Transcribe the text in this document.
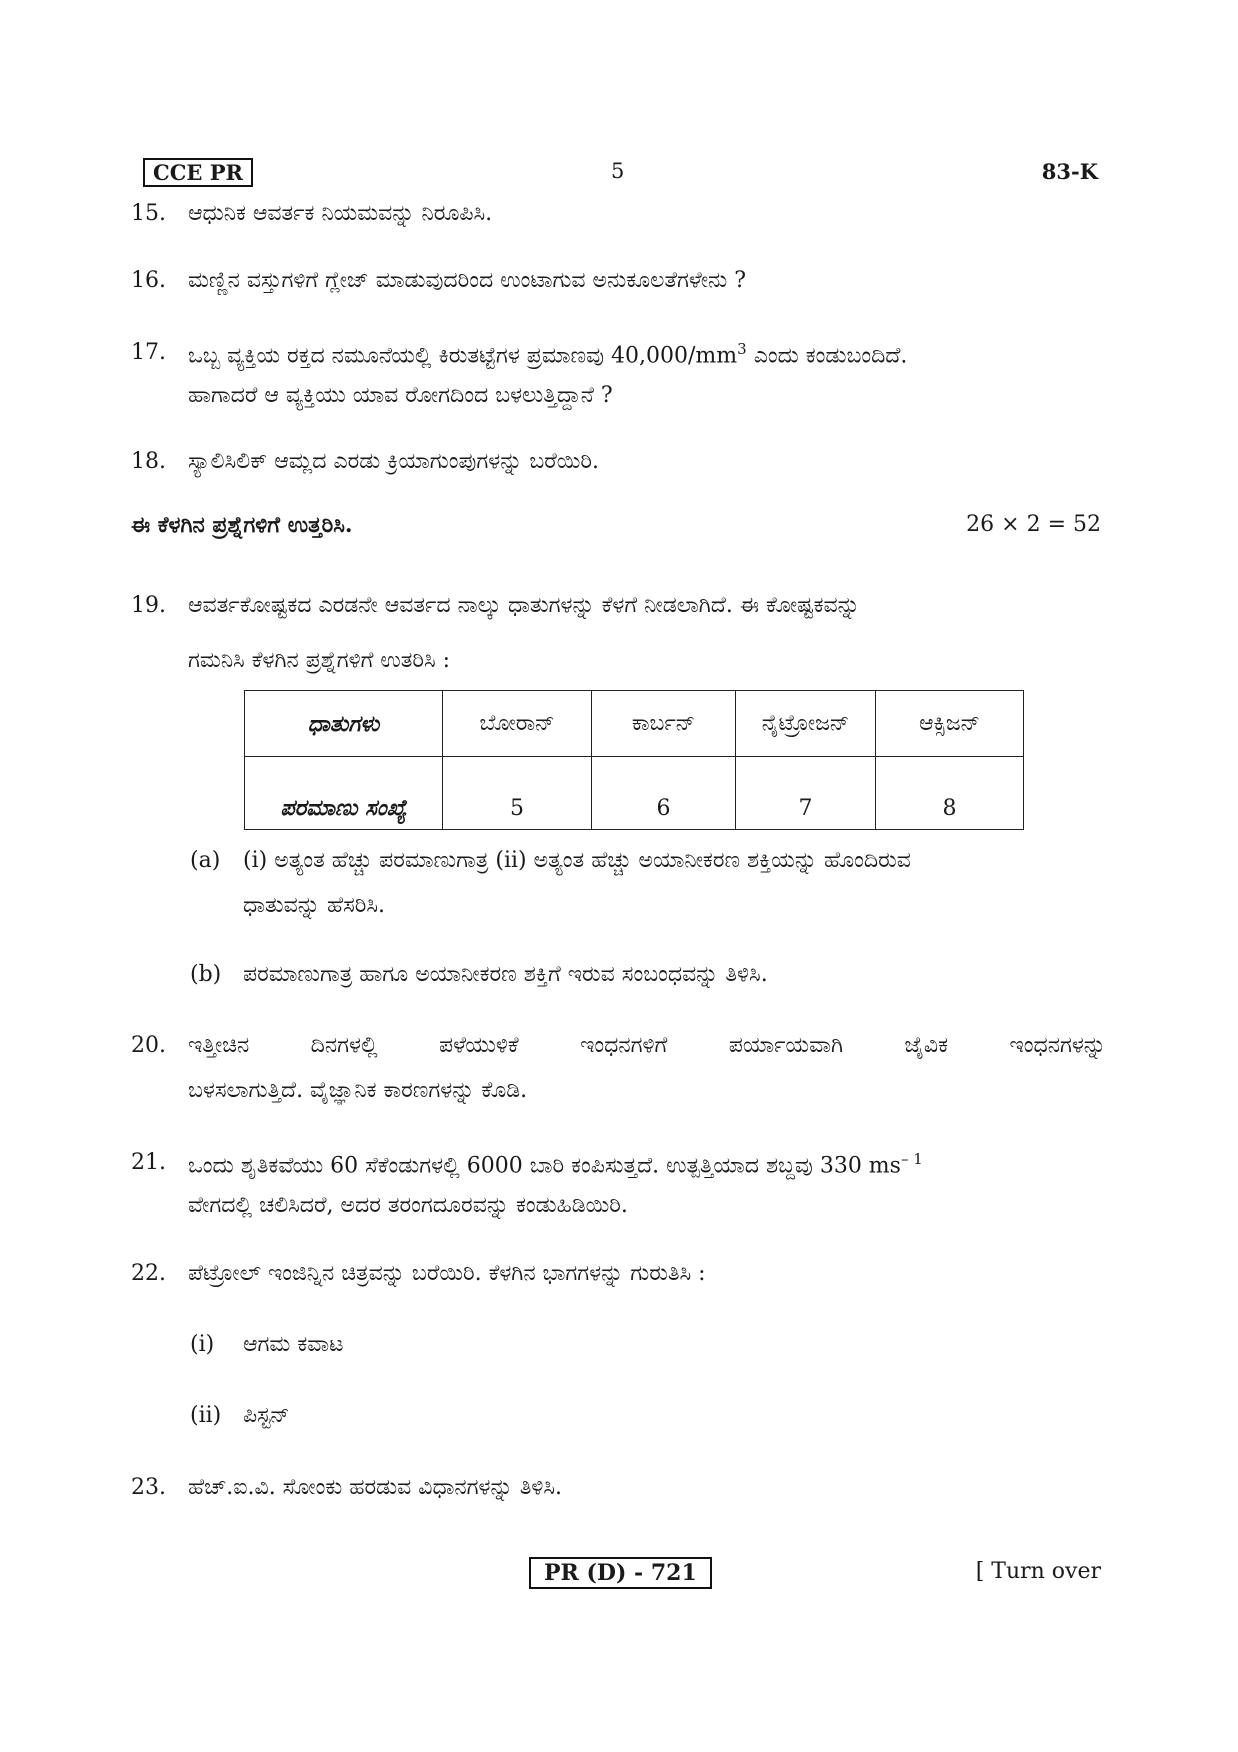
CCE PR	5	83-K
15.	ಆಧುನಿಕ ಆವರ್ತಕ ನಿಯಮವನ್ನು ನಿರೂಪಿಸಿ.
16.	ಮಣ್ಣಿನ ವಸ್ತುಗಳಿಗೆ ಗ್ಲೇಜ್ ಮಾಡುವುದರಿಂದ ಉಂಟಾಗುವ ಅನುಕೂಲತೆಗಳೇನು ?
17.	ಒಬ್ಬ ವ್ಯಕ್ತಿಯ ರಕ್ತದ ನಮೂನೆಯಲ್ಲಿ ಕಿರುತಟ್ಟೆಗಳ ಪ್ರಮಾಣವು $40,000/mm^3$ ಎಂದು ಕಂಡುಬಂದಿದೆ.
ಹಾಗಾದರೆ ಆ ವ್ಯಕ್ತಿಯು ಯಾವ ರೋಗದಿಂದ ಬಳಲುತ್ತಿದ್ದಾನೆ ?
18.	ಸ್ಯಾಲಿಸಿಲಿಕ್ ಆಮ್ಲದ ಎರಡು ಕ್ರಿಯಾಗುಂಪುಗಳನ್ನು ಬರೆಯಿರಿ.
ಈ ಕೆಳಗಿನ ಪ್ರಶ್ನೆಗಳಿಗೆ ಉತ್ತರಿಸಿ.	26 × 2 = 52
19.	ಆವರ್ತಕೋಷ್ಟಕದ ಎರಡನೇ ಆವರ್ತದ ನಾಲ್ಕು ಧಾತುಗಳನ್ನು ಕೆಳಗೆ ನೀಡಲಾಗಿದೆ. ಈ ಕೋಷ್ಟಕವನ್ನು
ಗಮನಿಸಿ ಕೆಳಗಿನ ಪ್ರಶ್ನೆಗಳಿಗೆ ಉತರಿಸಿ :
ಧಾತುಗಳು	ಬೋರಾನ್	ಕಾರ್ಬನ್	ನೈಟ್ರೋಜನ್	ಆಕ್ಸಿಜನ್
ಪರಮಾಣು ಸಂಖ್ಯೆ	5	6	7	8
(a) (i) ಅತ್ಯಂತ ಹೆಚ್ಚು ಪರಮಾಣುಗಾತ್ರ (ii) ಅತ್ಯಂತ ಹೆಚ್ಚು ಅಯಾನೀಕರಣ ಶಕ್ತಿಯನ್ನು ಹೊಂದಿರುವ
ಧಾತುವನ್ನು ಹೆಸರಿಸಿ.
(b) ಪರಮಾಣುಗಾತ್ರ ಹಾಗೂ ಅಯಾನೀಕರಣ ಶಕ್ತಿಗೆ ಇರುವ ಸಂಬಂಧವನ್ನು ತಿಳಿಸಿ.
20.	ಇತ್ತೀಚಿನ ದಿನಗಳಲ್ಲಿ ಪಳೆಯುಳಿಕೆ ಇಂಧನಗಳಿಗೆ ಪರ್ಯಾಯವಾಗಿ ಜೈವಿಕ ಇಂಧನಗಳನ್ನು
ಬಳಸಲಾಗುತ್ತಿದೆ. ವೈಜ್ಞಾನಿಕ ಕಾರಣಗಳನ್ನು ಕೊಡಿ.
21.	ಒಂದು ಶೃತಿಕವೆಯು 60 ಸೆಕೆಂಡುಗಳಲ್ಲಿ 6000 ಬಾರಿ ಕಂಪಿಸುತ್ತದೆ. ಉತ್ಪತ್ತಿಯಾದ ಶಬ್ದವು 330 $ms^{- 1}$
ವೇಗದಲ್ಲಿ ಚಲಿಸಿದರೆ, ಅದರ ತರಂಗದೂರವನ್ನು ಕಂಡುಹಿಡಿಯಿರಿ.
22.	ಪೆಟ್ರೋಲ್ ಇಂಜಿನ್ನಿನ ಚಿತ್ರವನ್ನು ಬರೆಯಿರಿ. ಕೆಳಗಿನ ಭಾಗಗಳನ್ನು ಗುರುತಿಸಿ :
(i) ಆಗಮ ಕವಾಟ
(ii) ಪಿಸ್ಟನ್
23.	ಹೆಚ್.ಐ.ವಿ. ಸೋಂಕು ಹರಡುವ ವಿಧಾನಗಳನ್ನು ತಿಳಿಸಿ.
PR (D) - 721	[ Turn over
